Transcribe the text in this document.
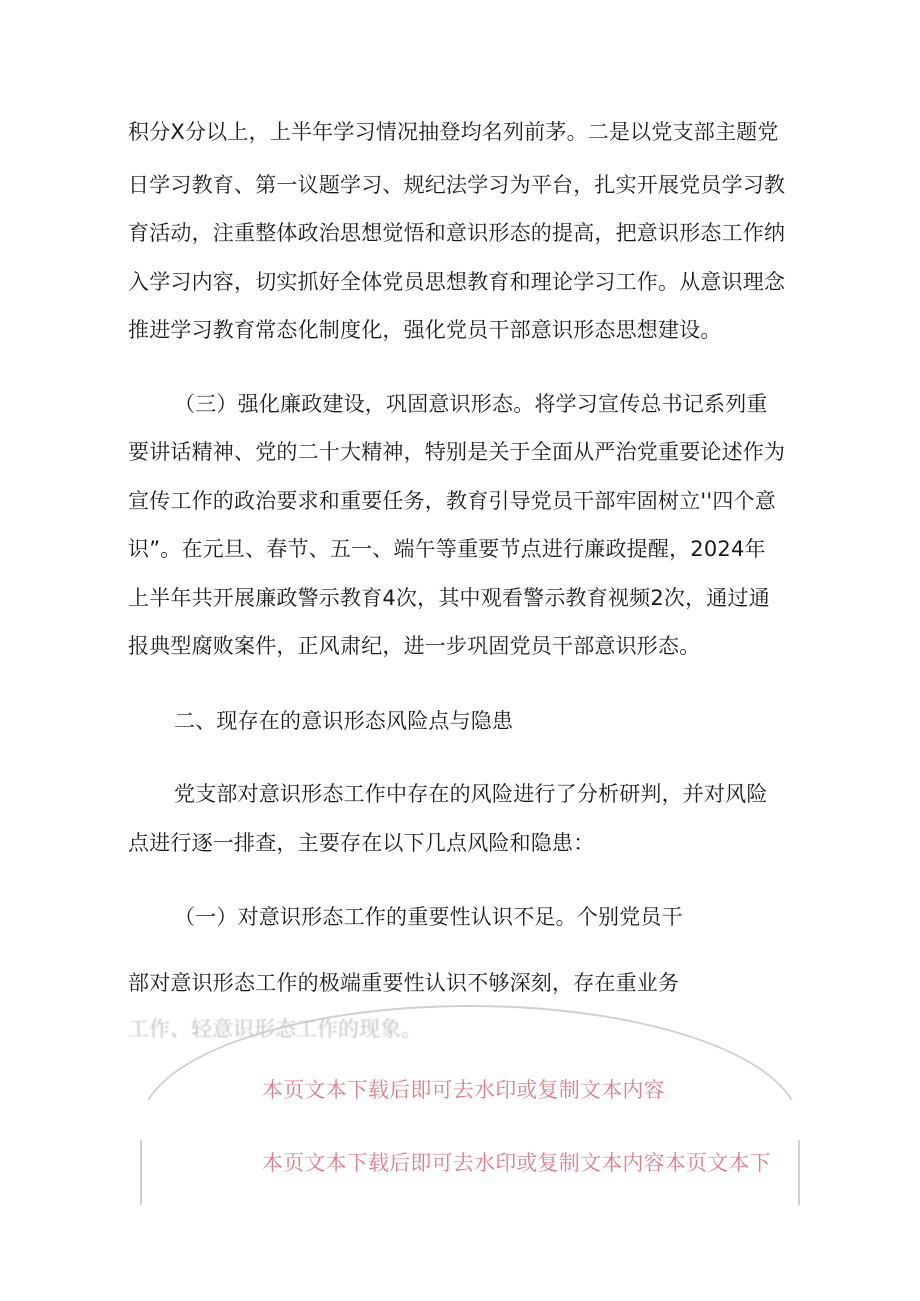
积分X分以上，上半年学习情况抽登均名列前茅。二是以党支部主题党
日学习教育、第一议题学习、规纪法学习为平台，扎实开展党员学习教
育活动，注重整体政治思想觉悟和意识形态的提高，把意识形态工作纳
入学习内容，切实抓好全体党员思想教育和理论学习工作。从意识理念
推进学习教育常态化制度化，强化党员干部意识形态思想建设。
（三）强化廉政建设，巩固意识形态。将学习宣传总书记系列重
要讲话精神、党的二十大精神，特别是关于全面从严治党重要论述作为
宣传工作的政治要求和重要任务，教育引导党员干部牢固树立''四个意
识”。在元旦、春节、五一、端午等重要节点进行廉政提醒，2024年
上半年共开展廉政警示教育4次，其中观看警示教育视频2次，通过通
报典型腐败案件，正风肃纪，进一步巩固党员干部意识形态。
二、现存在的意识形态风险点与隐患
党支部对意识形态工作中存在的风险进行了分析研判，并对风险
点进行逐一排查，主要存在以下几点风险和隐患：
（一）对意识形态工作的重要性认识不足。个别党员干
部对意识形态工作的极端重要性认识不够深刻，存在重业务
工作、轻意识形态工作的现象。
本页文本下载后即可去水印或复制文本内容
本页文本下载后即可去水印或复制文本内容本页文本下
